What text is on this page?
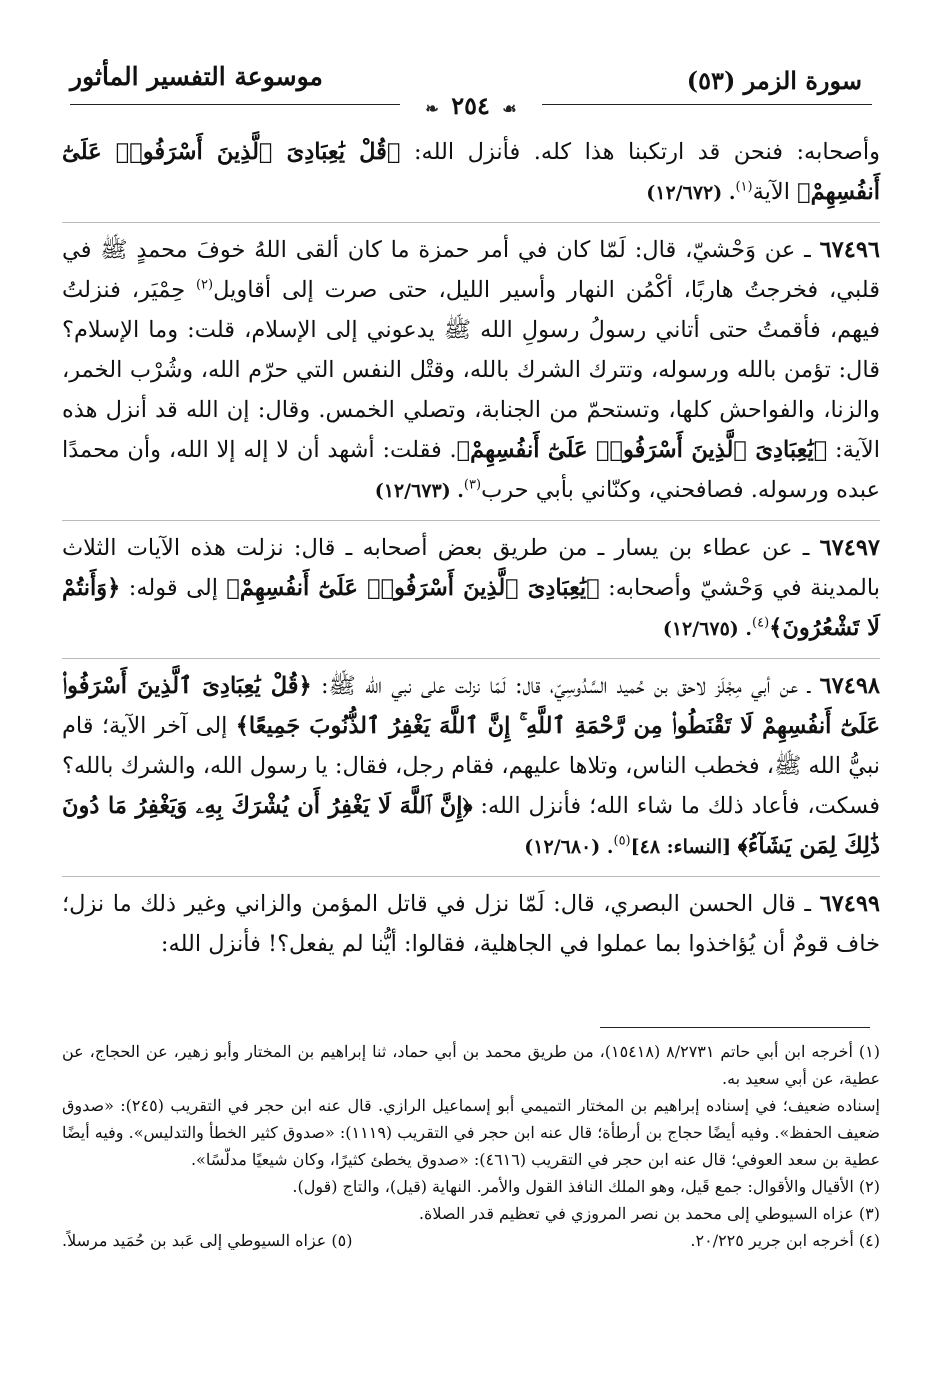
سورة الزمر (٥٣)
موسوعة التفسير المأثور
☙ ٢٥٤ ❧

وأصحابه: فنحن قد ارتكبنا هذا كله. فأنزل الله: ﴿قُلْ يَٰعِبَادِىَ ٱلَّذِينَ أَسْرَفُوا۟ عَلَىٰٓ أَنفُسِهِمْ﴾ الآية$^{(١)}$. (١٢/٦٧٢)

٦٧٤٩٦ ـ عن وَحْشيّ، قال: لَمّا كان في أمر حمزة ما كان ألقى اللهُ خوفَ محمدٍ ﷺ في قلبي، فخرجتُ هاربًا، أكْمُن النهار وأسير الليل، حتى صرت إلى أقاويل$^{(٢)}$ حِمْيَر، فنزلتُ فيهم، فأقمتُ حتى أتاني رسولُ رسولِ الله ﷺ يدعوني إلى الإسلام، قلت: وما الإسلام؟ قال: تؤمن بالله ورسوله، وتترك الشرك بالله، وقتْل النفس التي حرّم الله، وشُرْب الخمر، والزنا، والفواحش كلها، وتستحمّ من الجنابة، وتصلي الخمس. وقال: إن الله قد أنزل هذه الآية: ﴿يَٰعِبَادِىَ ٱلَّذِينَ أَسْرَفُوا۟ عَلَىٰٓ أَنفُسِهِمْ﴾. فقلت: أشهد أن لا إله إلا الله، وأن محمدًا عبده ورسوله. فصافحني، وكنّاني بأبي حرب$^{(٣)}$. (١٢/٦٧٣)

٦٧٤٩٧ ـ عن عطاء بن يسار ـ من طريق بعض أصحابه ـ قال: نزلت هذه الآيات الثلاث بالمدينة في وَحْشيّ وأصحابه: ﴿يَٰعِبَادِىَ ٱلَّذِينَ أَسْرَفُوا۟ عَلَىٰٓ أَنفُسِهِمْ﴾ إلى قوله: ﴿وَأَنتُمْ لَا تَشْعُرُونَ﴾$^{(٤)}$. (١٢/٦٧٥)

٦٧٤٩٨ ـ عن أبي مِجْلَز لاحق بن حُميد السَّدُوسِيّ، قال: لَمّا نزلت على نبي الله ﷺ: ﴿قُلْ يَٰعِبَادِىَ ٱلَّذِينَ أَسْرَفُوا۟ عَلَىٰٓ أَنفُسِهِمْ لَا تَقْنَطُوا۟ مِن رَّحْمَةِ ٱللَّهِ ۚ إِنَّ ٱللَّهَ يَغْفِرُ ٱلذُّنُوبَ جَمِيعًا﴾ إلى آخر الآية؛ قام نبيُّ الله ﷺ، فخطب الناس، وتلاها عليهم، فقام رجل، فقال: يا رسول الله، والشرك بالله؟ فسكت، فأعاد ذلك ما شاء الله؛ فأنزل الله: ﴿إِنَّ ٱللَّهَ لَا يَغْفِرُ أَن يُشْرَكَ بِهِۦ وَيَغْفِرُ مَا دُونَ ذَٰلِكَ لِمَن يَشَآءُ﴾ [النساء: ٤٨]$^{(٥)}$. (١٢/٦٨٠)

٦٧٤٩٩ ـ قال الحسن البصري، قال: لَمّا نزل في قاتل المؤمن والزاني وغير ذلك ما نزل؛ خاف قومٌ أن يُؤاخذوا بما عملوا في الجاهلية، فقالوا: أيُّنا لم يفعل؟! فأنزل الله:

(١) أخرجه ابن أبي حاتم ٨/٢٧٣١ (١٥٤١٨)، من طريق محمد بن أبي حماد، ثنا إبراهيم بن المختار وأبو زهير، عن الحجاج، عن عطية، عن أبي سعيد به.

إسناده ضعيف؛ في إسناده إبراهيم بن المختار التميمي أبو إسماعيل الرازي. قال عنه ابن حجر في التقريب (٢٤٥): «صدوق ضعيف الحفظ». وفيه أيضًا حجاج بن أرطأة؛ قال عنه ابن حجر في التقريب (١١١٩): «صدوق كثير الخطأ والتدليس». وفيه أيضًا عطية بن سعد العوفي؛ قال عنه ابن حجر في التقريب (٤٦١٦): «صدوق يخطئ كثيرًا، وكان شيعيًا مدلّسًا».

(٢) الأقيال والأقوال: جمع قَيل، وهو الملك النافذ القول والأمر. النهاية (قيل)، والتاج (قول).

(٣) عزاه السيوطي إلى محمد بن نصر المروزي في تعظيم قدر الصلاة.

(٤) أخرجه ابن جرير ٢٠/٢٢٥.
(٥) عزاه السيوطي إلى عَبد بن حُمَيد مرسلاً.
